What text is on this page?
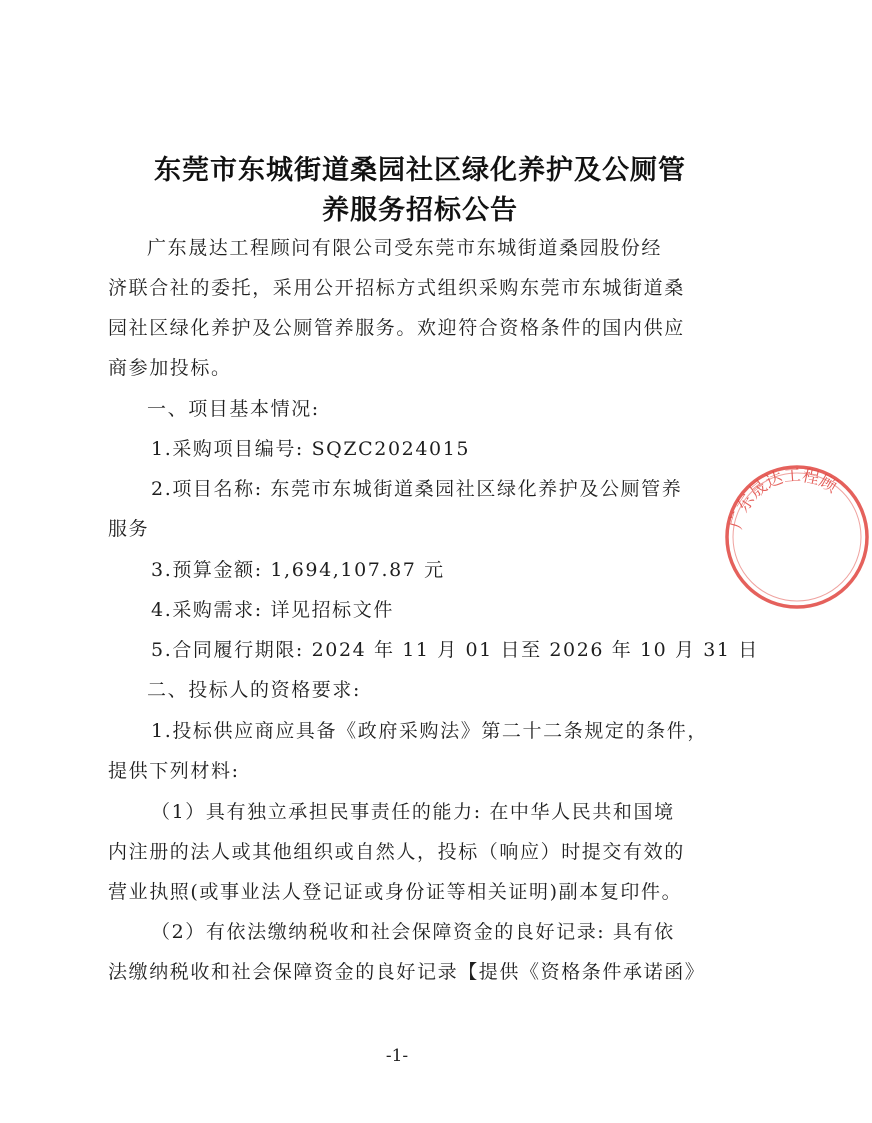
东莞市东城街道桑园社区绿化养护及公厕管
养服务招标公告
广东晟达工程顾问有限公司受东莞市东城街道桑园股份经
济联合社的委托，采用公开招标方式组织采购东莞市东城街道桑
园社区绿化养护及公厕管养服务。欢迎符合资格条件的国内供应
商参加投标。
一、项目基本情况:
1.采购项目编号: SQZC2024015
2.项目名称: 东莞市东城街道桑园社区绿化养护及公厕管养
服务
3.预算金额: 1,694,107.87 元
4.采购需求: 详见招标文件
5.合同履行期限: 2024 年 11 月 01 日至 2026 年 10 月 31 日
二、投标人的资格要求:
1.投标供应商应具备《政府采购法》第二十二条规定的条件，
提供下列材料:
（1）具有独立承担民事责任的能力: 在中华人民共和国境
内注册的法人或其他组织或自然人，投标（响应）时提交有效的
营业执照(或事业法人登记证或身份证等相关证明)副本复印件。
（2）有依法缴纳税收和社会保障资金的良好记录: 具有依
法缴纳税收和社会保障资金的良好记录【提供《资格条件承诺函》
-1-
广东晟达工程顾
